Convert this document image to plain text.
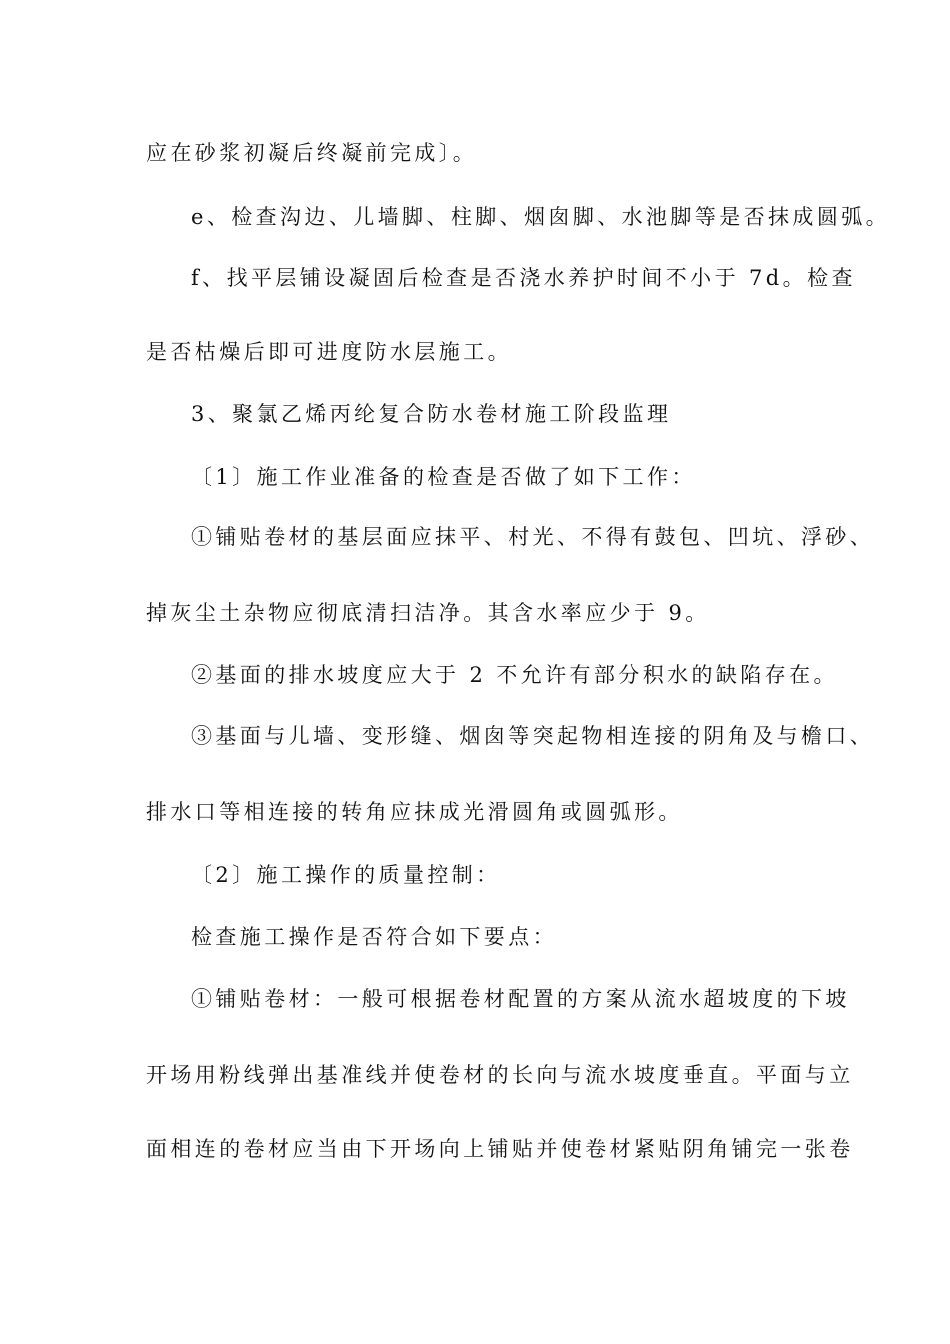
应在砂浆初凝后终凝前完成〕。
e、检查沟边、儿墙脚、柱脚、烟囱脚、水池脚等是否抹成圆弧。
f、找平层铺设凝固后检查是否浇水养护时间不小于 7d。检查
是否枯燥后即可进度防水层施工。
3、聚氯乙烯丙纶复合防水卷材施工阶段监理
〔1〕施工作业准备的检查是否做了如下工作：
①铺贴卷材的基层面应抹平、村光、不得有鼓包、凹坑、浮砂、
掉灰尘土杂物应彻底清扫洁净。其含水率应少于 9。
②基面的排水坡度应大于 2 不允许有部分积水的缺陷存在。
③基面与儿墙、变形缝、烟囱等突起物相连接的阴角及与檐口、
排水口等相连接的转角应抹成光滑圆角或圆弧形。
〔2〕施工操作的质量控制：
检查施工操作是否符合如下要点：
①铺贴卷材：一般可根据卷材配置的方案从流水超坡度的下坡
开场用粉线弹出基准线并使卷材的长向与流水坡度垂直。平面与立
面相连的卷材应当由下开场向上铺贴并使卷材紧贴阴角铺完一张卷
